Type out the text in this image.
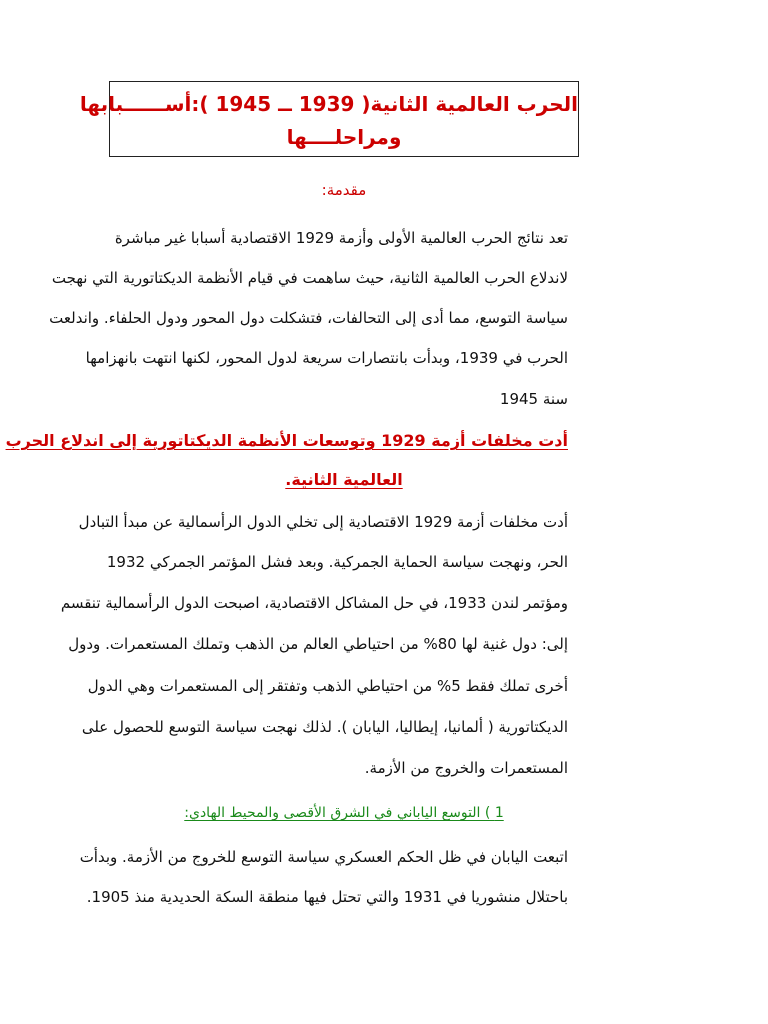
الحرب العالمية الثانية( 1939 ــ 1945 ):أســــــبابها
ومراحلــــها
مقدمة:
تعد نتائج الحرب العالمية الأولى وأزمة 1929 الاقتصادية أسبابا غير مباشرة
لاندلاع الحرب العالمية الثانية، حيث ساهمت في قيام الأنظمة الديكتاتورية التي نهجت
سياسة التوسع، مما أدى إلى التحالفات، فتشكلت دول المحور ودول الحلفاء. واندلعت
الحرب في 1939، وبدأت بانتصارات سريعة لدول المحور، لكنها انتهت بانهزامها
سنة 1945
أدت مخلفات أزمة 1929 وتوسعات الأنظمة الديكتاتورية إلى اندلاع الحرب
العالمية الثانية.
أدت مخلفات أزمة 1929 الاقتصادية إلى تخلي الدول الرأسمالية عن مبدأ التبادل
الحر، ونهجت سياسة الحماية الجمركية. وبعد فشل المؤتمر الجمركي 1932
ومؤتمر لندن 1933، في حل المشاكل الاقتصادية، اصبحت الدول الرأسمالية تنقسم
إلى: دول غنية لها 80% من احتياطي العالم من الذهب وتملك المستعمرات. ودول
أخرى تملك فقط 5% من احتياطي الذهب وتفتقر إلى المستعمرات وهي الدول
الديكتاتورية ( ألمانيا، إيطاليا، اليابان ). لذلك نهجت سياسة التوسع للحصول على
المستعمرات والخروج من الأزمة.
1 ) التوسع الياباني في الشرق الأقصى والمحيط الهادي:
اتبعت اليابان في ظل الحكم العسكري سياسة التوسع للخروج من الأزمة. وبدأت
باحتلال منشوريا في 1931 والتي تحتل فيها منطقة السكة الحديدية منذ 1905.
